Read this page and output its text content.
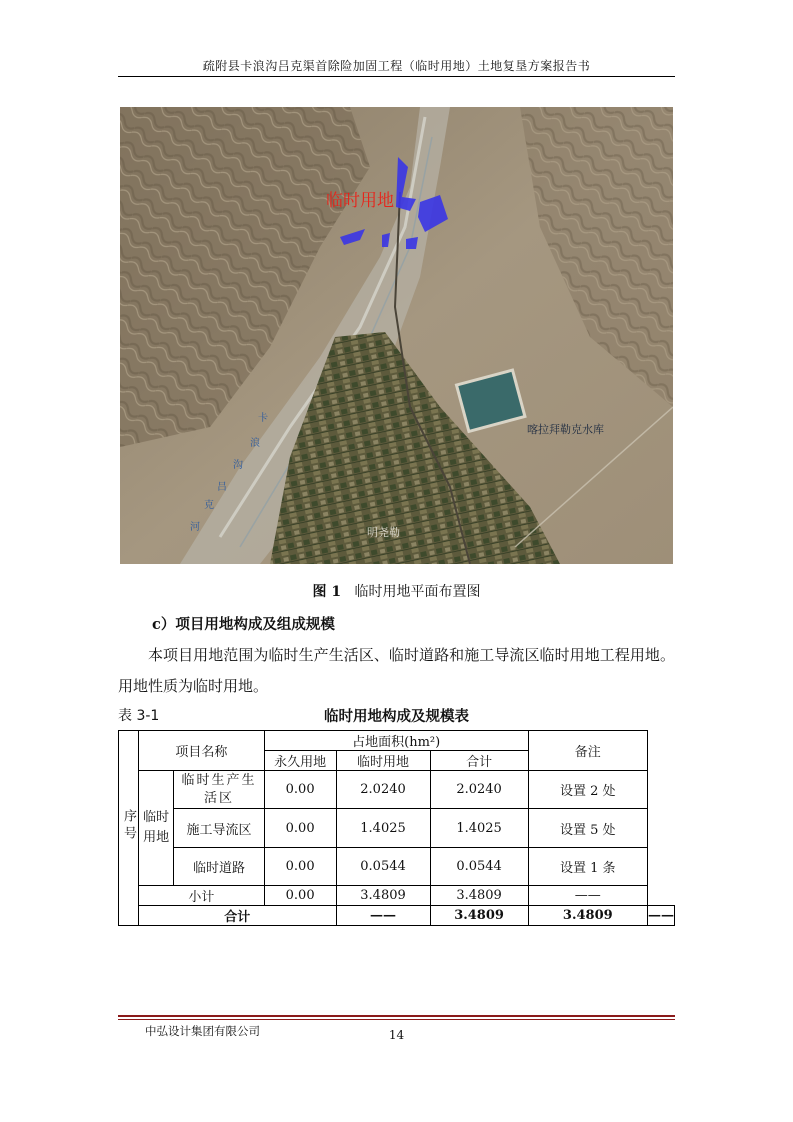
疏附县卡浪沟吕克渠首除险加固工程（临时用地）土地复垦方案报告书
临时用地
喀拉拜勒克水库
卡
浪
沟
吕
克
河	明尧勒
图 1 临时用地平面布置图
c）项目用地构成及组成规模
本项目用地范围为临时生产生活区、临时道路和施工导流区临时用地工程用地。用地性质为临时用地。
表 3-1	临时用地构成及规模表
序号	项目名称		占地面积(hm²)			备注	
			永久用地	临时用地	合计		
	临时用地	临时生产生活区	0.00	2.0240	2.0240	设置 2 处	
		施工导流区	0.00	1.4025	1.4025	设置 5 处	
		临时道路	0.00	0.0544	0.0544	设置 1 条	
	小计		0.00	3.4809	3.4809	——	
	合计			——	3.4809	3.4809	——
中弘设计集团有限公司	14
